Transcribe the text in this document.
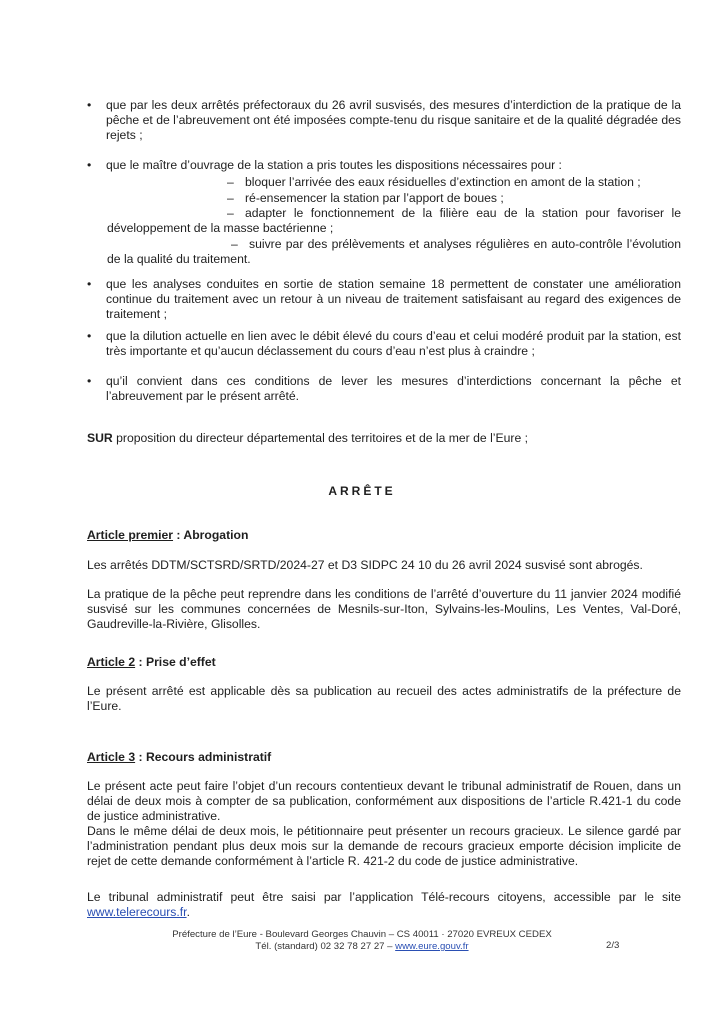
•	que par les deux arrêtés préfectoraux du 26 avril susvisés, des mesures d’interdiction de la pratique de la pêche et de l’abreuvement ont été imposées compte-tenu du risque sanitaire et de la qualité dégradée des rejets ;
•	que le maître d’ouvrage de la station a pris toutes les dispositions nécessaires pour :
– bloquer l’arrivée des eaux résiduelles d’extinction en amont de la station ;
– ré-ensemencer la station par l’apport de boues ;
– adapter le fonctionnement de la filière eau de la station pour favoriser le développement de la masse bactérienne ;
– suivre par des prélèvements et analyses régulières en auto-contrôle l’évolution de la qualité du traitement.
•	que les analyses conduites en sortie de station semaine 18 permettent de constater une amélioration continue du traitement avec un retour à un niveau de traitement satisfaisant au regard des exigences de traitement ;
•	que la dilution actuelle en lien avec le débit élevé du cours d’eau et celui modéré produit par la station, est très importante et qu’aucun déclassement du cours d’eau n’est plus à craindre ;
•	qu’il convient dans ces conditions de lever les mesures d’interdictions concernant la pêche et l’abreuvement par le présent arrêté.
SUR proposition du directeur départemental des territoires et de la mer de l’Eure ;
ARRÊTE
Article premier : Abrogation
Les arrêtés DDTM/SCTSRD/SRTD/2024-27 et D3 SIDPC 24 10 du 26 avril 2024 susvisé sont abrogés.
La pratique de la pêche peut reprendre dans les conditions de l’arrêté d’ouverture du 11 janvier 2024 modifié susvisé sur les communes concernées de Mesnils-sur-Iton, Sylvains-les-Moulins, Les Ventes, Val-Doré, Gaudreville-la-Rivière, Glisolles.
Article 2 : Prise d’effet
Le présent arrêté est applicable dès sa publication au recueil des actes administratifs de la préfecture de l’Eure.
Article 3 : Recours administratif
Le présent acte peut faire l’objet d’un recours contentieux devant le tribunal administratif de Rouen, dans un délai de deux mois à compter de sa publication, conformément aux dispositions de l’article R.421-1 du code de justice administrative.
Dans le même délai de deux mois, le pétitionnaire peut présenter un recours gracieux. Le silence gardé par l’administration pendant plus deux mois sur la demande de recours gracieux emporte décision implicite de rejet de cette demande conformément à l’article R. 421-2 du code de justice administrative.
Le tribunal administratif peut être saisi par l’application Télé-recours citoyens, accessible par le site www.telerecours.fr.
Préfecture de l’Eure - Boulevard Georges Chauvin – CS 40011 · 27020 EVREUX CEDEX
Tél. (standard) 02 32 78 27 27 – www.eure.gouv.fr	2/3
